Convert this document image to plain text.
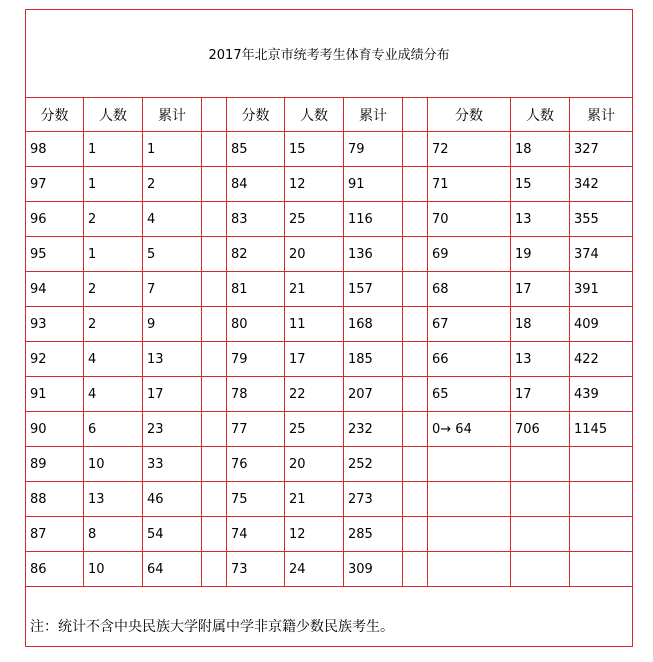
2017年北京市统考考生体育专业成绩分布										
分数	人数	累计		分数	人数	累计		分数	人数	累计
98	1	1		85	15	79		72	18	327
97	1	2		84	12	91		71	15	342
96	2	4		83	25	116		70	13	355
95	1	5		82	20	136		69	19	374
94	2	7		81	21	157		68	17	391
93	2	9		80	11	168		67	18	409
92	4	13		79	17	185		66	13	422
91	4	17		78	22	207		65	17	439
90	6	23		77	25	232		0→ 64	706	1145
89	10	33		76	20	252				
88	13	46		75	21	273				
87	8	54		74	12	285				
86	10	64		73	24	309				
注：统计不含中央民族大学附属中学非京籍少数民族考生。										
